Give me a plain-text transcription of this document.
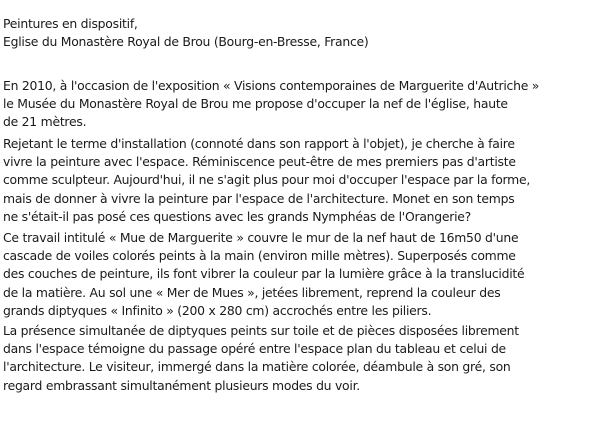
Peintures en dispositif,
Eglise du Monastère Royal de Brou (Bourg-en-Bresse, France)

En 2010, à l'occasion de l'exposition « Visions contemporaines de Marguerite d'Autriche »
le Musée du Monastère Royal de Brou me propose d'occuper la nef de l'église, haute
de 21 mètres.

Rejetant le terme d'installation (connoté dans son rapport à l'objet), je cherche à faire
vivre la peinture avec l'espace. Réminiscence peut-être de mes premiers pas d'artiste
comme sculpteur. Aujourd'hui, il ne s'agit plus pour moi d'occuper l'espace par la forme,
mais de donner à vivre la peinture par l'espace de l'architecture. Monet en son temps
ne s'était-il pas posé ces questions avec les grands Nymphéas de l'Orangerie?

Ce travail intitulé « Mue de Marguerite » couvre le mur de la nef haut de 16m50 d'une
cascade de voiles colorés peints à la main (environ mille mètres). Superposés comme
des couches de peinture, ils font vibrer la couleur par la lumière grâce à la translucidité
de la matière. Au sol une « Mer de Mues », jetées librement, reprend la couleur des
grands diptyques « Infinito » (200 x 280 cm) accrochés entre les piliers.

La présence simultanée de diptyques peints sur toile et de pièces disposées librement
dans l'espace témoigne du passage opéré entre l'espace plan du tableau et celui de
l'architecture. Le visiteur, immergé dans la matière colorée, déambule à son gré, son
regard embrassant simultanément plusieurs modes du voir.
